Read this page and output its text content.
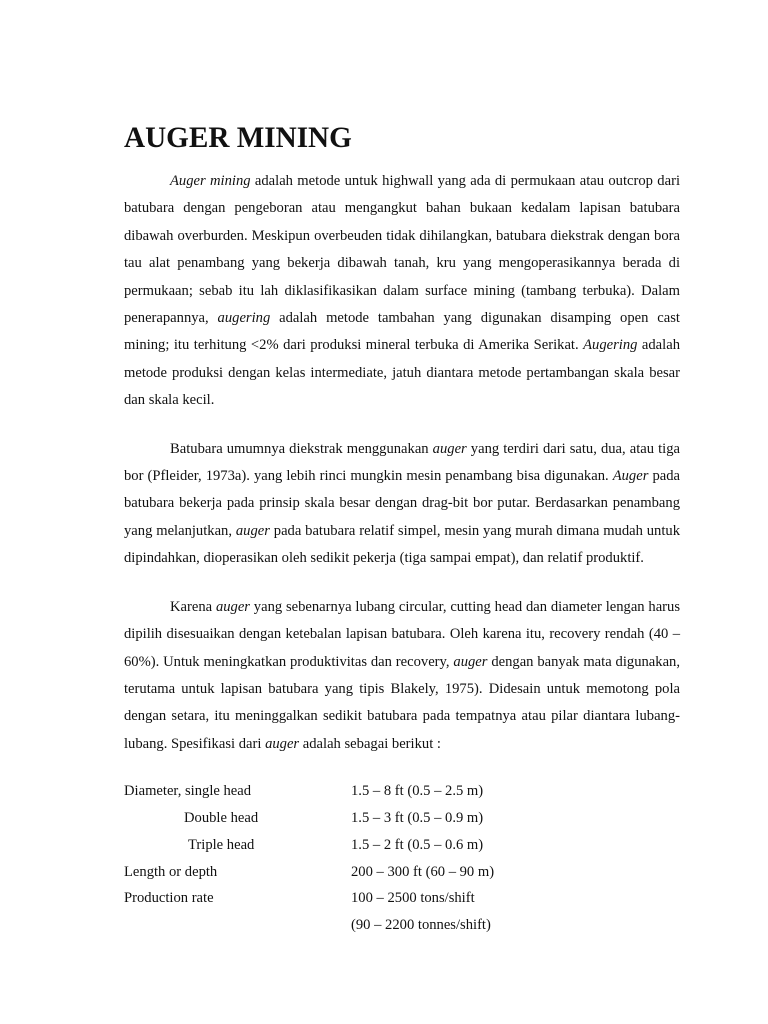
AUGER MINING

Auger mining adalah metode untuk highwall yang ada di permukaan atau outcrop dari batubara dengan pengeboran atau mengangkut bahan bukaan kedalam lapisan batubara dibawah overburden. Meskipun overbeuden tidak dihilangkan, batubara diekstrak dengan bora tau alat penambang yang bekerja dibawah tanah, kru yang mengoperasikannya berada di permukaan; sebab itu lah diklasifikasikan dalam surface mining (tambang terbuka). Dalam penerapannya, augering adalah metode tambahan yang digunakan disamping open cast mining; itu terhitung <2% dari produksi mineral terbuka di Amerika Serikat. Augering adalah metode produksi dengan kelas intermediate, jatuh diantara metode pertambangan skala besar dan skala kecil.

Batubara umumnya diekstrak menggunakan auger yang terdiri dari satu, dua, atau tiga bor (Pfleider, 1973a). yang lebih rinci mungkin mesin penambang bisa digunakan. Auger pada batubara bekerja pada prinsip skala besar dengan drag-bit bor putar. Berdasarkan penambang yang melanjutkan, auger pada batubara relatif simpel, mesin yang murah dimana mudah untuk dipindahkan, dioperasikan oleh sedikit pekerja (tiga sampai empat), dan relatif produktif.

Karena auger yang sebenarnya lubang circular, cutting head dan diameter lengan harus dipilih disesuaikan dengan ketebalan lapisan batubara. Oleh karena itu, recovery rendah (40 – 60%). Untuk meningkatkan produktivitas dan recovery, auger dengan banyak mata digunakan, terutama untuk lapisan batubara yang tipis Blakely, 1975). Didesain untuk memotong pola dengan setara, itu meninggalkan sedikit batubara pada tempatnya atau pilar diantara lubang-lubang. Spesifikasi dari auger adalah sebagai berikut :

Diameter, single head	1.5 – 8 ft (0.5 – 2.5 m)
Double head	1.5 – 3 ft (0.5 – 0.9 m)
Triple head	1.5 – 2 ft (0.5 – 0.6 m)
Length or depth	200 – 300 ft (60 – 90 m)
Production rate	100 – 2500 tons/shift
(90 – 2200 tonnes/shift)
